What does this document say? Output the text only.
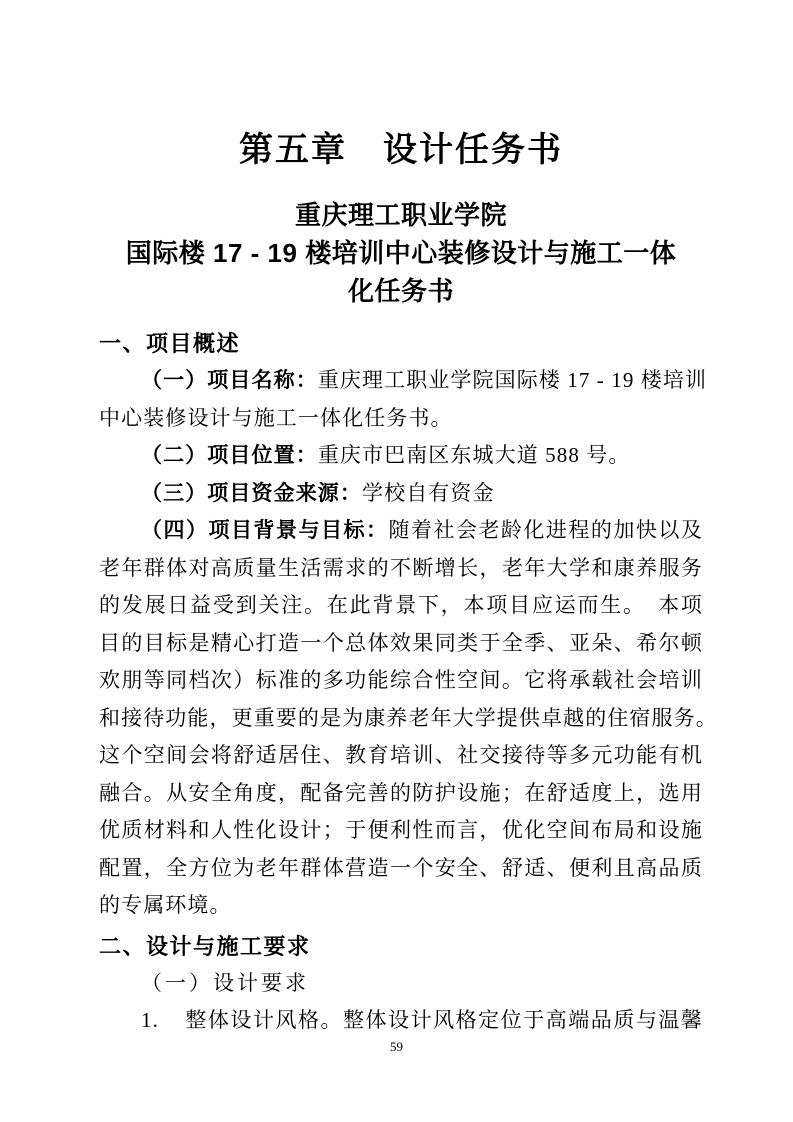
第五章　设计任务书
重庆理工职业学院
国际楼 17 - 19 楼培训中心装修设计与施工一体
化任务书
一、项目概述
（一）项目名称：重庆理工职业学院国际楼 17 - 19 楼培训
中心装修设计与施工一体化任务书。
（二）项目位置：重庆市巴南区东城大道 588 号。
（三）项目资金来源：学校自有资金
（四）项目背景与目标：随着社会老龄化进程的加快以及
老年群体对高质量生活需求的不断增长，老年大学和康养服务
的发展日益受到关注。在此背景下，本项目应运而生。　本项
目的目标是精心打造一个总体效果同类于全季、亚朵、希尔顿
欢朋等同档次）标准的多功能综合性空间。它将承载社会培训
和接待功能，更重要的是为康养老年大学提供卓越的住宿服务。
这个空间会将舒适居住、教育培训、社交接待等多元功能有机
融合。从安全角度，配备完善的防护设施；在舒适度上，选用
优质材料和人性化设计；于便利性而言，优化空间布局和设施
配置，全方位为老年群体营造一个安全、舒适、便利且高品质
的专属环境。
二、设计与施工要求
（一）设计要求
1. 整体设计风格。整体设计风格定位于高端品质与温馨
59
